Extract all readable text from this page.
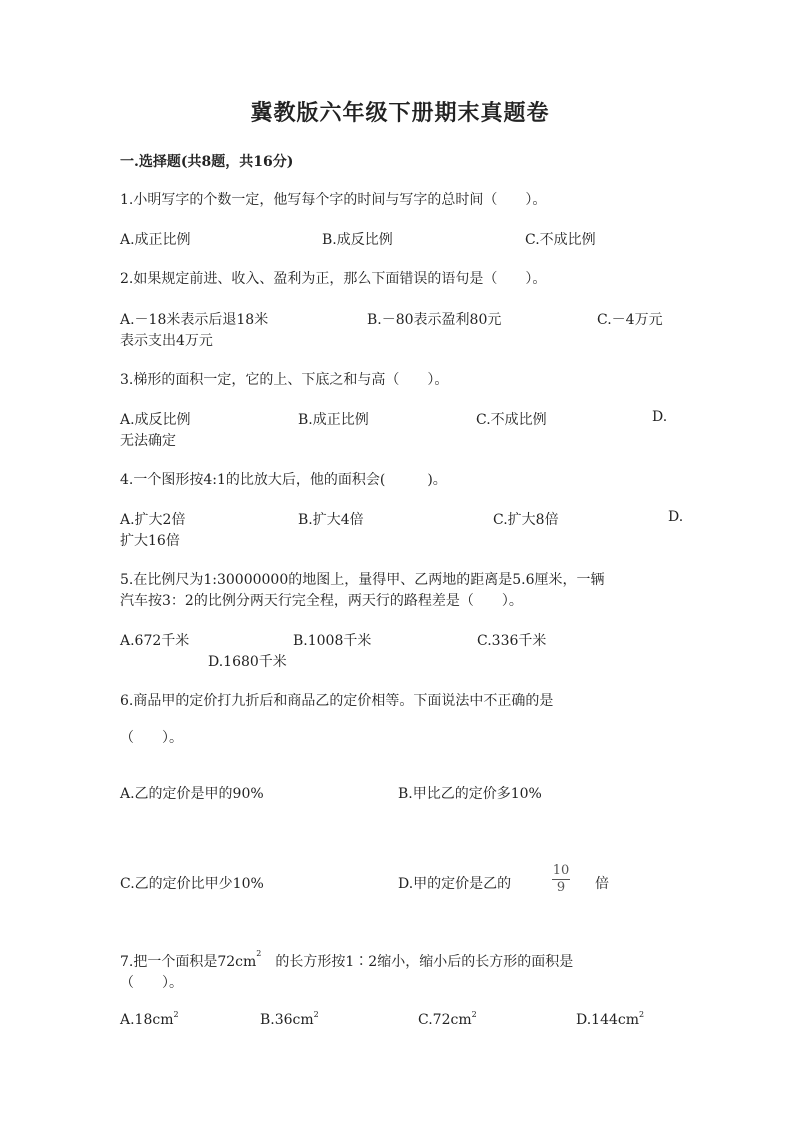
冀教版六年级下册期末真题卷
一.选择题(共8题，共16分)
1.小明写字的个数一定，他写每个字的时间与写字的总时间（　　）。
A.成正比例	B.成反比例	C.不成比例
2.如果规定前进、收入、盈利为正，那么下面错误的语句是（　　）。
A.－18米表示后退18米	B.－80表示盈利80元	C.－4万元
表示支出4万元
3.梯形的面积一定，它的上、下底之和与高（　　）。
A.成反比例	B.成正比例	C.不成比例	D.
无法确定
4.一个图形按4:1的比放大后，他的面积会(　　　)。
A.扩大2倍	B.扩大4倍	C.扩大8倍	D.
扩大16倍
5.在比例尺为1:30000000的地图上，量得甲、乙两地的距离是5.6厘米，一辆
汽车按3：2的比例分两天行完全程，两天行的路程差是（　　）。
A.672千米	B.1008千米	C.336千米
D.1680千米
6.商品甲的定价打九折后和商品乙的定价相等。下面说法中不正确的是
（　　）。
A.乙的定价是甲的90%	B.甲比乙的定价多10%
C.乙的定价比甲少10%	D.甲的定价是乙的
10
9	倍
7.把一个面积是$72cm^2$的长方形按1∶2缩小，缩小后的长方形的面积是
（　　）。
$A.18cm^2$	$B.36cm^2$	$C.72cm^2$	$D.144cm^2$
